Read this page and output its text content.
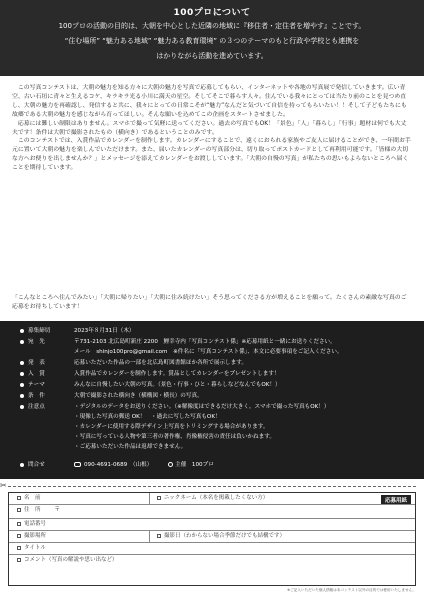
100プロについて
100プロの活動の目的は、大朝を中心とした近隣の地域に『移住者・定住者を増やす』ことです。
“住む場所” “魅力ある地域” “魅力ある教育環境” の３つのテーマのもと行政や学校とも連携を
はかりながら活動を進めています。

この写真コンテストは、大朝の魅力を知る方々に大朝の魅力を写真で応募してもらい、インターネットや各地の写真展で発信していきます。広い青空、古い石垣に青々と生えるコケ、キラキラ光る小川に満天の星空。そしてそこで暮らす人々。住んでいる我々にとっては当たり前のことを見つめ直し、大朝の魅力を再確認し、発信すると共に、我々にとっての日常こそが“魅力”なんだと気づいて自信を持ってもらいたい！！そして子どもたちにも故郷である大朝の魅力を感じながら育ってほしい。そんな願いを込めてこの企画をスタートさせました。

応募には難しい制限はありません。スマホで撮って気軽に送ってください。過去の写真でもOK！「景色」「人」「暮らし」「行事」題材は何でも大丈夫です！条件は大朝で撮影されたもの（横向き）であるということのみです。

このコンテストでは、入賞作品でカレンダーを制作します。カレンダーにすることで、遠くにおられる家族やご友人に届けることができ、一年間お手元に置いて大朝の魅力を楽しんでいただけます。また、届いたカレンダーの写真部分は、切り取ってポストカードとして再利用可能です。「皆様の大切な方へお便りを出しませんか？」とメッセージを添えてカレンダーをお渡ししています。「大朝の自慢の写真」が私たちの思いもよらないところへ届くことを期待しています。

「こんなところへ住んでみたい」「大朝に帰りたい」「大朝に住み続けたい」そう思ってくださる方が増えることを願って。たくさんの素敵な写真のご応募をお待ちしています！
募集締切	2023年８月31日（木）
宛　先	〒731-2103 北広島町新庄 2200　鯉幸寺内「写真コンテスト係」※応募用紙と一緒にお送りください。
メール　shinjo100pro@gmail.com　※件名に「写真コンテスト係」、本文に必要事項をご記入ください。
発　表	応募いただいた作品の一部を北広島町図書館ほか各所で展示します。
入　賞	入賞作品でカレンダーを制作します。賞品としてカレンダーをプレゼントします！
テーマ	みんなに自慢したい大朝の写真。（景色・行事・ひと・暮らしなどなんでもOK！）
条　件	大朝で撮影された横向き（横構図・横長）の写真。
注意点	・デジタルのデータをお送りください。（※解像度はできるだけ大きく。スマホで撮った写真もOK！）
・現像した写真の郵送 OK！　・過去に写した写真もOK！
・カレンダーに使用する際デザイン上写真をトリミングする場合があります。
・写真に写っている人物や第三者の著作権、肖像権侵害の責任は負いかねます。
・ご応募いただいた作品は返却できません。
問合せ	090-4691-0689　（山根）	主催　100プロ
✂
応募用紙
名　前	ニックネーム（本名を掲載したくない方）
住　所	〒
電話番号
撮影場所	撮影日（わからない場合季節だけでも結構です）
タイトル
コメント（写真の解説や思い出など）
※ご記入いただいた個人情報は本コンテスト以外の目的では使用いたしません。
